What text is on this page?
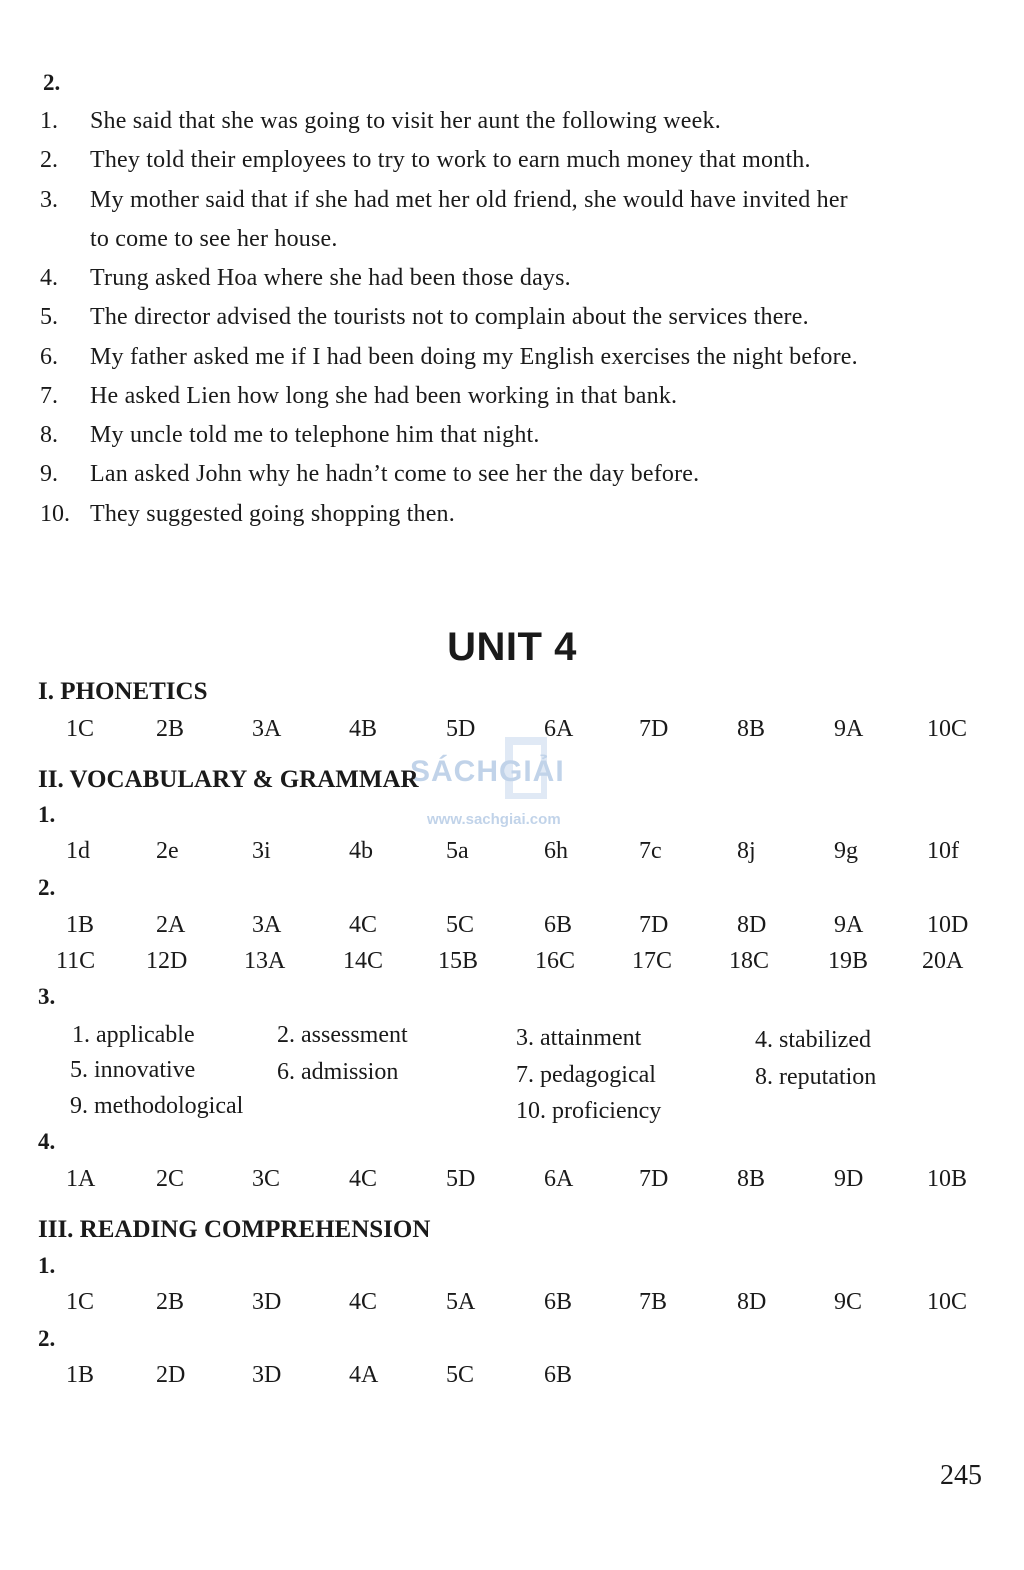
2.
1.	She said that she was going to visit her aunt the following week.
2.	They told their employees to try to work to earn much money that month.
3.	My mother said that if she had met her old friend, she would have invited her
to come to see her house.
4.	Trung asked Hoa where she had been those days.
5.	The director advised the tourists not to complain about the services there.
6.	My father asked me if I had been doing my English exercises the night before.
7.	He asked Lien how long she had been working in that bank.
8.	My uncle told me to telephone him that night.
9.	Lan asked John why he hadn’t come to see her the day before.
10. They suggested going shopping then.
UNIT 4
SÁCHGIẢI
www.sachgiai.com
I. PHONETICS
1C	2B	3A	4B	5D	6A	7D	8B	9A	10C
II. VOCABULARY & GRAMMAR
1.
1d	2e	3i	4b	5a	6h	7c	8j	9g	10f
2.
1B	2A	3A	4C	5C	6B	7D	8D	9A	10D
11C 12D 13A 14C 15B 16C 17C 18C 19B 20A
3.
1. applicable	2. assessment	3. attainment	4. stabilized
5. innovative	6. admission	7. pedagogical	8. reputation
9. methodological	10. proficiency
4.
1A	2C	3C	4C	5D	6A	7D	8B	9D	10B
III. READING COMPREHENSION
1.
1C	2B	3D	4C	5A	6B	7B	8D	9C	10C
2.
1B	2D	3D	4A	5C	6B
245
